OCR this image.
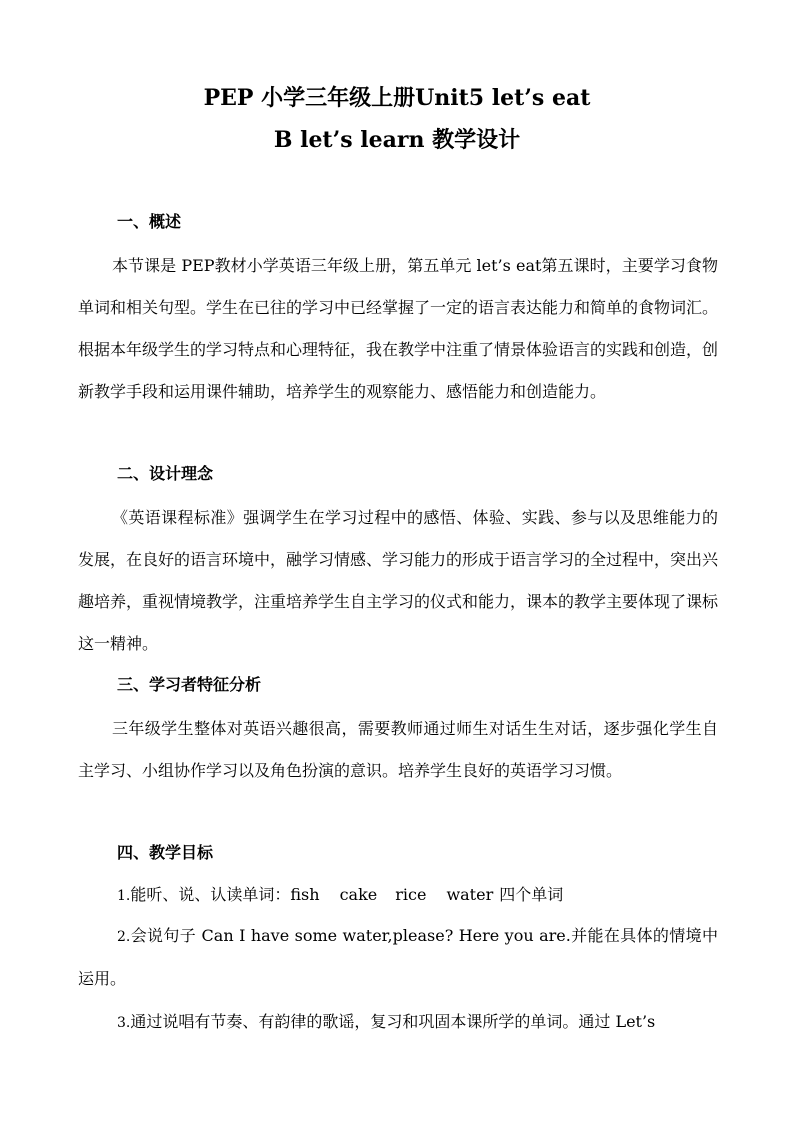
PEP 小学三年级上册Unit5 let’s eat
B let’s learn 教学设计
一、概述
本节课是 PEP教材小学英语三年级上册，第五单元 let’s eat第五课时，主要学习食物单词和相关句型。学生在已往的学习中已经掌握了一定的语言表达能力和简单的食物词汇。根据本年级学生的学习特点和心理特征，我在教学中注重了情景体验语言的实践和创造，创新教学手段和运用课件辅助，培养学生的观察能力、感悟能力和创造能力。
二、设计理念
《英语课程标准》强调学生在学习过程中的感悟、体验、实践、参与以及思维能力的发展，在良好的语言环境中，融学习情感、学习能力的形成于语言学习的全过程中，突出兴趣培养，重视情境教学，注重培养学生自主学习的仪式和能力，课本的教学主要体现了课标这一精神。
三、学习者特征分析
三年级学生整体对英语兴趣很高，需要教师通过师生对话生生对话，逐步强化学生自主学习、小组协作学习以及角色扮演的意识。培养学生良好的英语学习习惯。
四、教学目标
1.能听、说、认读单词：fish cake rice water 四个单词
2.会说句子 Can I have some water,please? Here you are.并能在具体的情境中运用。
3.通过说唱有节奏、有韵律的歌谣，复习和巩固本课所学的单词。通过 Let’s
